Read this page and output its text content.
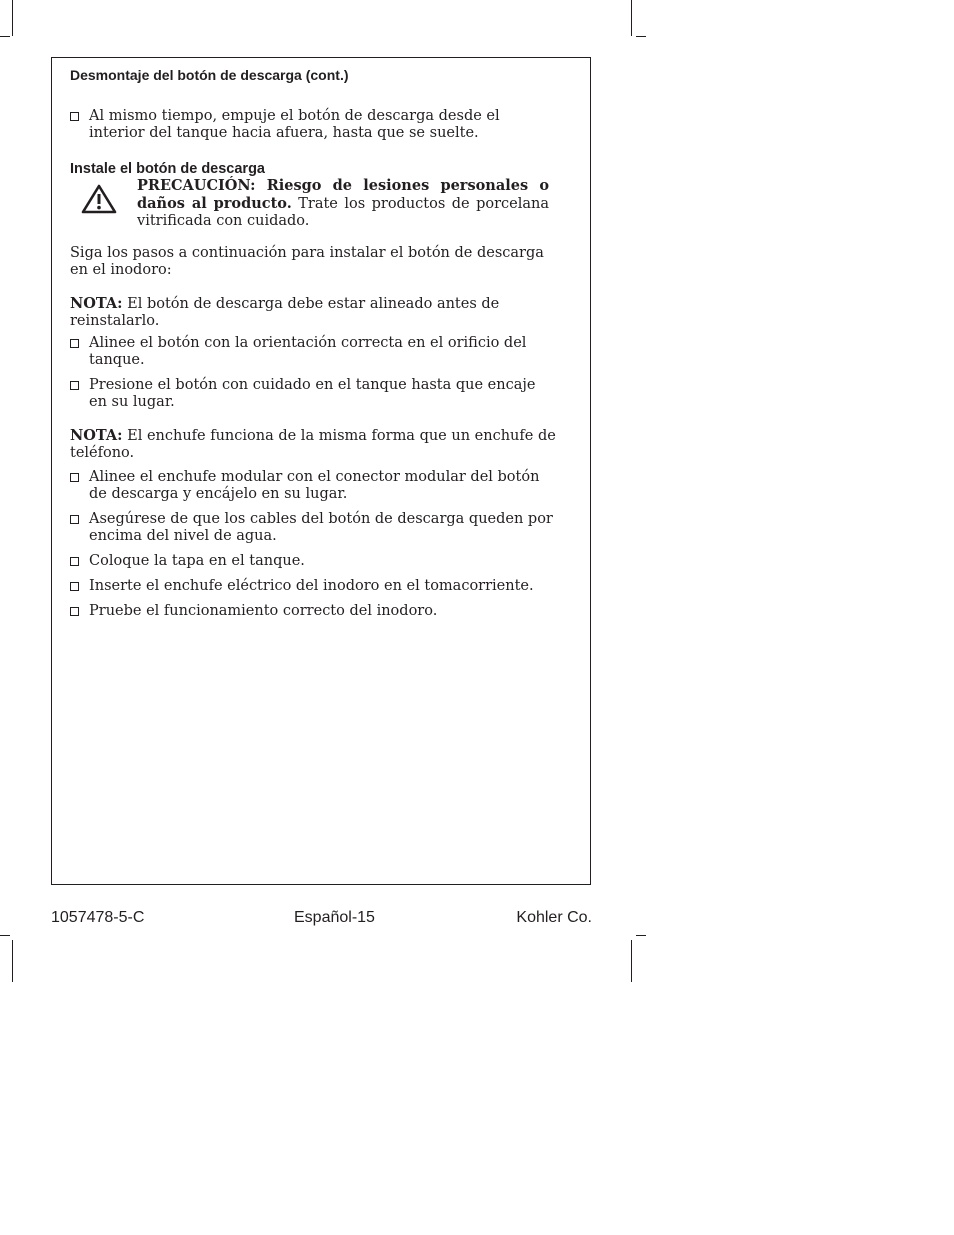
Desmontaje del botón de descarga (cont.)
Al mismo tiempo, empuje el botón de descarga desde el interior del tanque hacia afuera, hasta que se suelte.
Instale el botón de descarga
PRECAUCIÓN: Riesgo de lesiones personales o daños al producto. Trate los productos de porcelana vitrificada con cuidado.
Siga los pasos a continuación para instalar el botón de descarga en el inodoro:
NOTA: El botón de descarga debe estar alineado antes de reinstalarlo.
Alinee el botón con la orientación correcta en el orificio del tanque.
Presione el botón con cuidado en el tanque hasta que encaje en su lugar.
NOTA: El enchufe funciona de la misma forma que un enchufe de teléfono.
Alinee el enchufe modular con el conector modular del botón de descarga y encájelo en su lugar.
Asegúrese de que los cables del botón de descarga queden por encima del nivel de agua.
Coloque la tapa en el tanque.
Inserte el enchufe eléctrico del inodoro en el tomacorriente.
Pruebe el funcionamiento correcto del inodoro.
1057478-5-C	Español-15	Kohler Co.
